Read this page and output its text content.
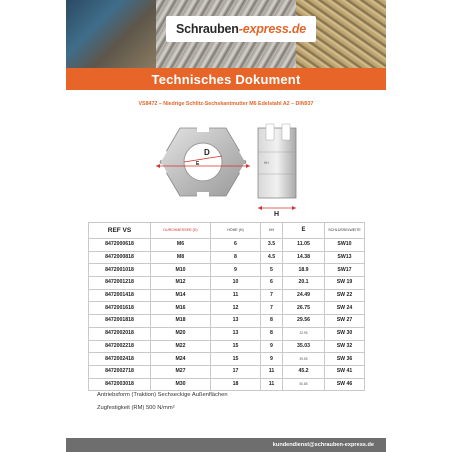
Schrauben-express.de
Technisches Dokument
VS8472 – Niedrige Schlitz-Sechskantmutter M6 Edelstahl A2 – DIN937
D
E	HH
H
REF VS	DURCHMESSER (D)	HÖHE (H)	HH	E	SCHLÜSSELWEITE
8472000618	M6	6	3.5	11.05	SW10
8472000818	M8	8	4.5	14.38	SW13
8472001018	M10	9	5	18.9	SW17
8472001218	M12	10	6	20.1	SW 19
8472001418	M14	11	7	24.49	SW 22
8472001618	M16	12	7	26.75	SW 24
8472001818	M18	13	8	29.56	SW 27
8472002018	M20	13	8	32.95	SW 30
8472002218	M22	15	9	35.03	SW 32
8472002418	M24	15	9	39.55	SW 36
8472002718	M27	17	11	45.2	SW 41
8472003018	M30	18	11	50.85	SW 46

Antriebsform (Traktion) Sechseckige Außenflächen

Zugfestigkeit (RM) 500 N/mm²

kundendienst@schrauben-express.de
